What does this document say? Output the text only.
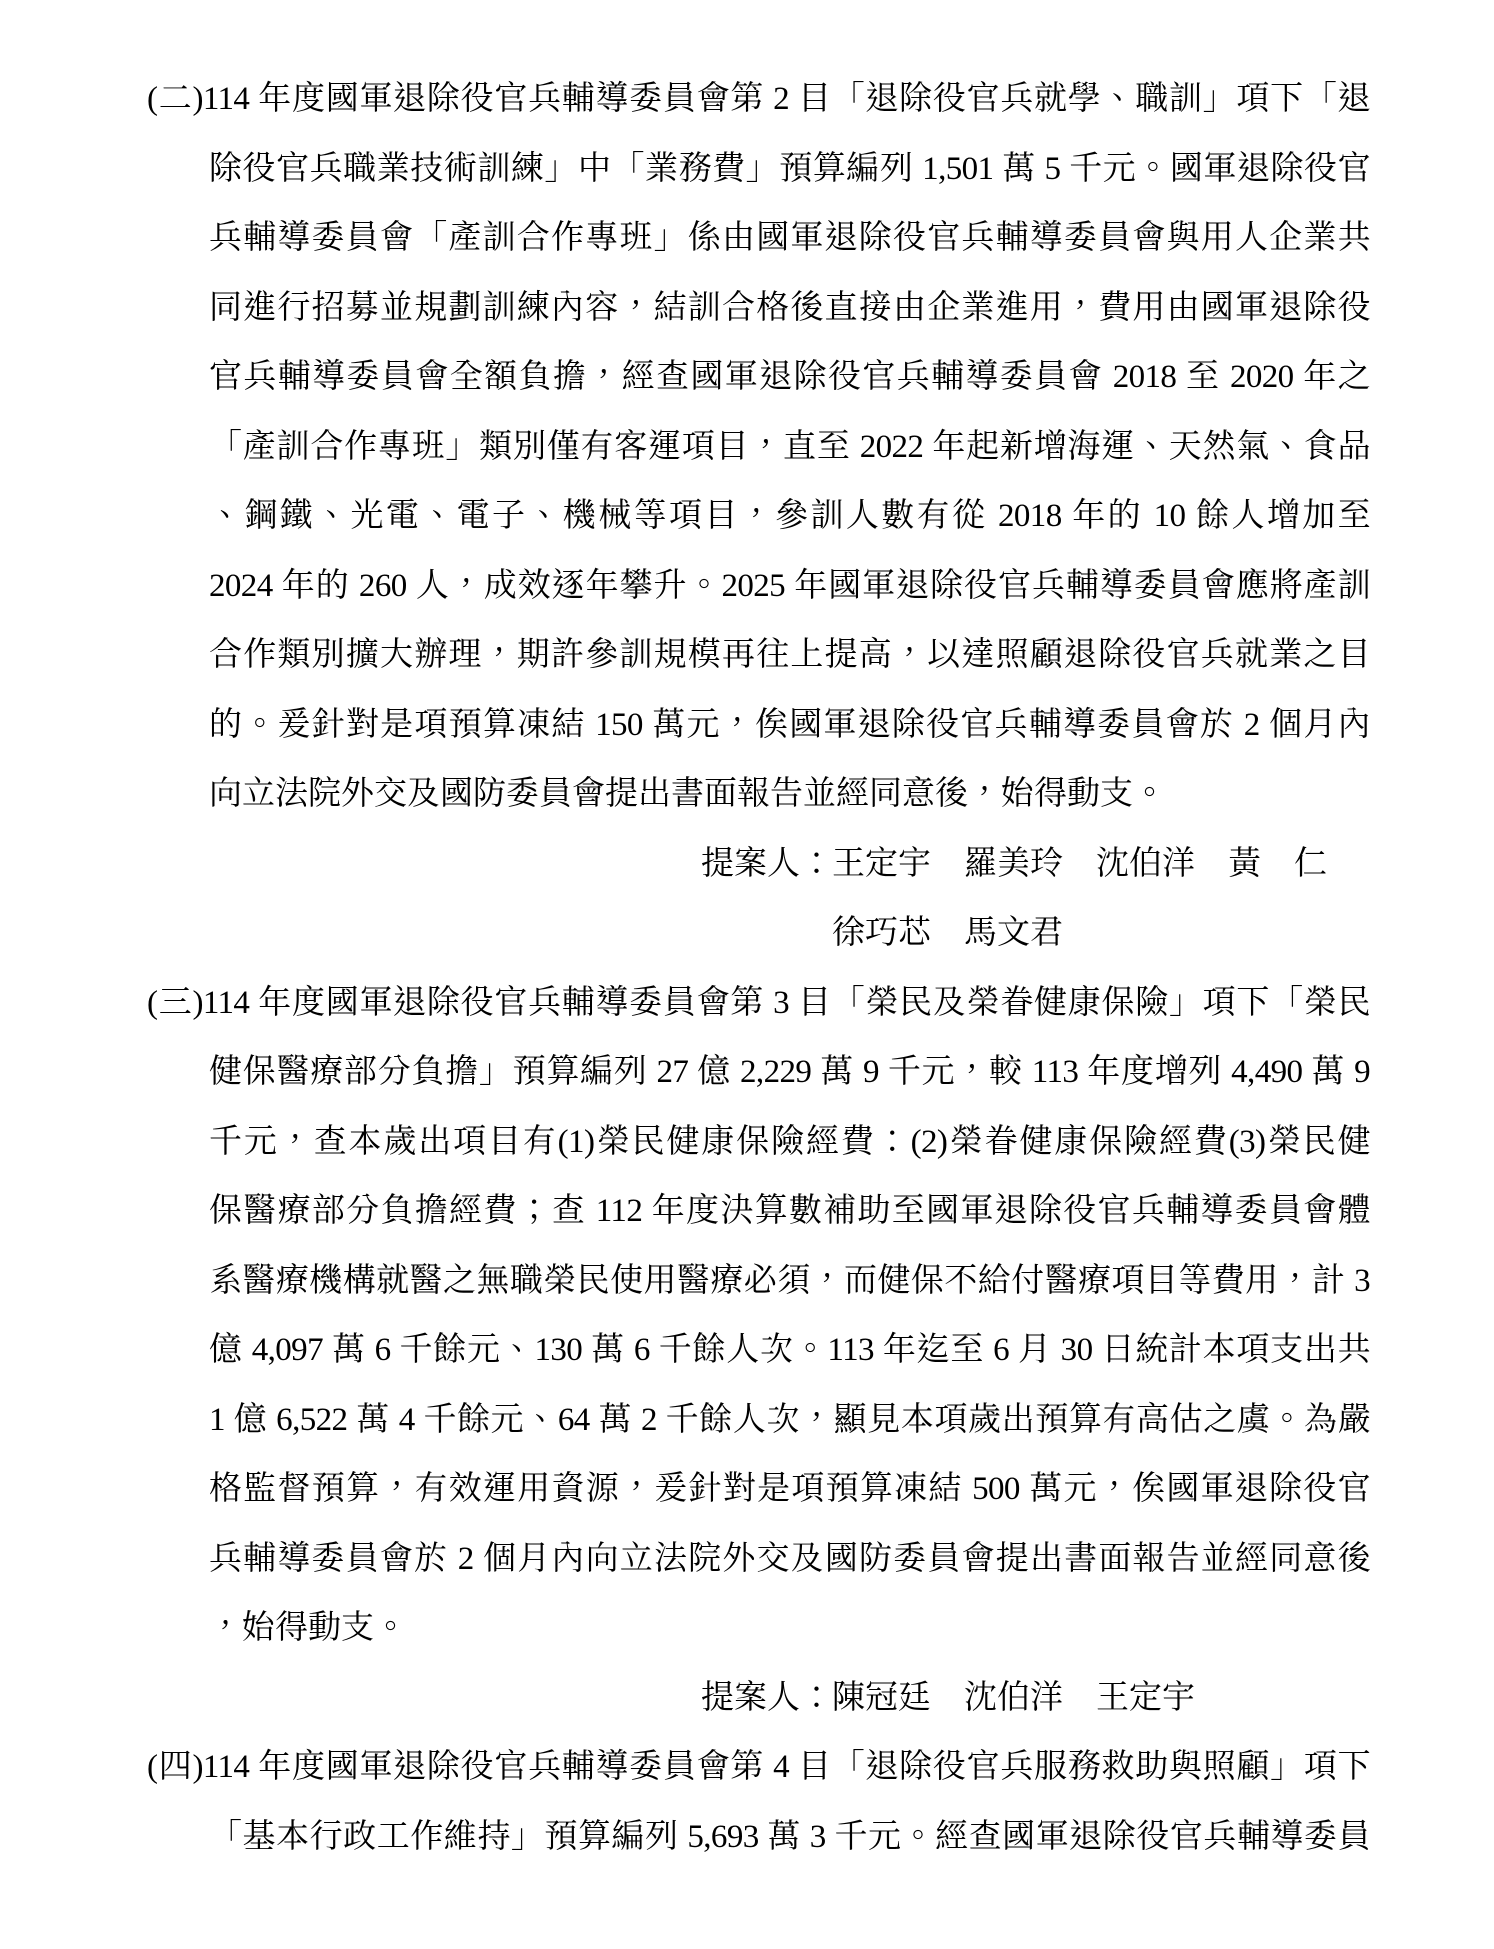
(二)114 年度國軍退除役官兵輔導委員會第 2 目「退除役官兵就學、職訓」項下「退
除役官兵職業技術訓練」中「業務費」預算編列 1,501 萬 5 千元。國軍退除役官
兵輔導委員會「產訓合作專班」係由國軍退除役官兵輔導委員會與用人企業共
同進行招募並規劃訓練內容，結訓合格後直接由企業進用，費用由國軍退除役
官兵輔導委員會全額負擔，經查國軍退除役官兵輔導委員會 2018 至 2020 年之
「產訓合作專班」類別僅有客運項目，直至 2022 年起新增海運、天然氣、食品
、鋼鐵、光電、電子、機械等項目，參訓人數有從 2018 年的 10 餘人增加至
2024 年的 260 人，成效逐年攀升。2025 年國軍退除役官兵輔導委員會應將產訓
合作類別擴大辦理，期許參訓規模再往上提高，以達照顧退除役官兵就業之目
的。爰針對是項預算凍結 150 萬元，俟國軍退除役官兵輔導委員會於 2 個月內
向立法院外交及國防委員會提出書面報告並經同意後，始得動支。
提案人：王定宇 羅美玲 沈伯洋 黃　仁
徐巧芯 馬文君
(三)114 年度國軍退除役官兵輔導委員會第 3 目「榮民及榮眷健康保險」項下「榮民
健保醫療部分負擔」預算編列 27 億 2,229 萬 9 千元，較 113 年度增列 4,490 萬 9
千元，查本歲出項目有(1)榮民健康保險經費：(2)榮眷健康保險經費(3)榮民健
保醫療部分負擔經費；查 112 年度決算數補助至國軍退除役官兵輔導委員會體
系醫療機構就醫之無職榮民使用醫療必須，而健保不給付醫療項目等費用，計 3
億 4,097 萬 6 千餘元、130 萬 6 千餘人次。113 年迄至 6 月 30 日統計本項支出共
1 億 6,522 萬 4 千餘元、64 萬 2 千餘人次，顯見本項歲出預算有高估之虞。為嚴
格監督預算，有效運用資源，爰針對是項預算凍結 500 萬元，俟國軍退除役官
兵輔導委員會於 2 個月內向立法院外交及國防委員會提出書面報告並經同意後
，始得動支。
提案人：陳冠廷 沈伯洋 王定宇
(四)114 年度國軍退除役官兵輔導委員會第 4 目「退除役官兵服務救助與照顧」項下
「基本行政工作維持」預算編列 5,693 萬 3 千元。經查國軍退除役官兵輔導委員
